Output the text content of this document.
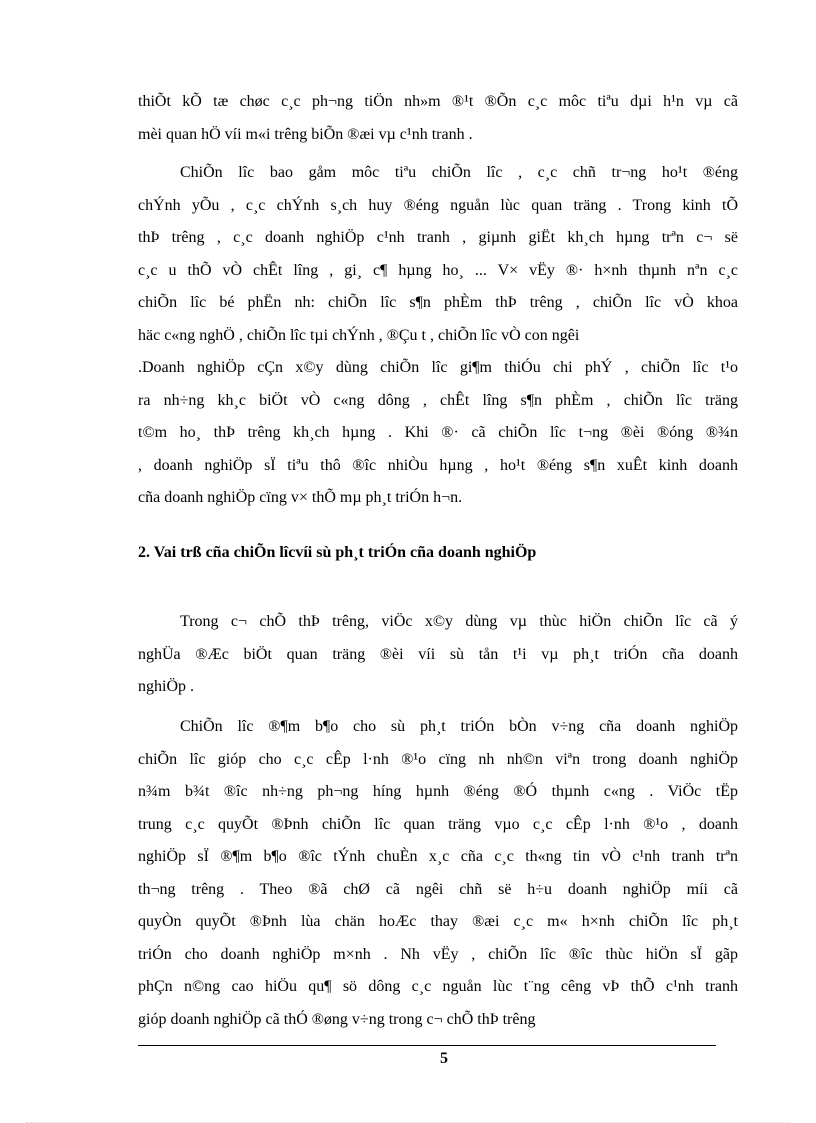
thiÕt kÕ tæ chøc c¸c ph¬ng tiÖn nh»m ®¹t ®Õn c¸c môc tiªu dµi h¹n vµ cã
mèi quan hÖ víi m«i trêng biÕn ®æi vµ c¹nh tranh .
ChiÕn lîc bao gåm môc tiªu chiÕn lîc , c¸c chñ tr¬ng ho¹t ®éng
chÝnh yÕu , c¸c chÝnh s¸ch huy ®éng nguån lùc quan träng . Trong kinh tÕ
thÞ trêng , c¸c doanh nghiÖp c¹nh tranh , giµnh giËt kh¸ch hµng trªn c¬ së
c¸c u thÕ vÒ chÊt lîng , gi¸ c¶ hµng ho¸ ... V× vËy ®· h×nh thµnh nªn c¸c
chiÕn lîc bé phËn nh: chiÕn lîc s¶n phÈm thÞ trêng , chiÕn lîc vÒ khoa
häc c«ng nghÖ , chiÕn lîc tµi chÝnh , ®Çu t , chiÕn lîc vÒ con ngêi
.Doanh nghiÖp cÇn x©y dùng chiÕn lîc gi¶m thiÓu chi phÝ , chiÕn lîc t¹o
ra nh÷ng kh¸c biÖt vÒ c«ng dông , chÊt lîng s¶n phÈm , chiÕn lîc träng
t©m ho¸ thÞ trêng kh¸ch hµng . Khi ®· cã chiÕn lîc t¬ng ®èi ®óng ®¾n
, doanh nghiÖp sÏ tiªu thô ®îc nhiÒu hµng , ho¹t ®éng s¶n xuÊt kinh doanh
cña doanh nghiÖp cïng v× thÕ mµ ph¸t triÓn h¬n.
2. Vai trß cña chiÕn lîcvíi sù ph¸t triÓn cña doanh nghiÖp
Trong c¬ chÕ thÞ trêng, viÖc x©y dùng vµ thùc hiÖn chiÕn lîc cã ý
nghÜa ®Æc biÖt quan träng ®èi víi sù tån t¹i vµ ph¸t triÓn cña doanh
nghiÖp .
ChiÕn lîc ®¶m b¶o cho sù ph¸t triÓn bÒn v÷ng cña doanh nghiÖp
chiÕn lîc gióp cho c¸c cÊp l·nh ®¹o cïng nh nh©n viªn trong doanh nghiÖp
n¾m b¾t ®îc nh÷ng ph¬ng híng hµnh ®éng ®Ó thµnh c«ng . ViÖc tËp
trung c¸c quyÕt ®Þnh chiÕn lîc quan träng vµo c¸c cÊp l·nh ®¹o , doanh
nghiÖp sÏ ®¶m b¶o ®îc tÝnh chuÈn x¸c cña c¸c th«ng tin vÒ c¹nh tranh trªn
th¬ng trêng . Theo ®ã chØ cã ngêi chñ së h÷u doanh nghiÖp míi cã
quyÒn quyÕt ®Þnh lùa chän hoÆc thay ®æi c¸c m« h×nh chiÕn lîc ph¸t
triÓn cho doanh nghiÖp m×nh . Nh vËy , chiÕn lîc ®îc thùc hiÖn sÏ gãp
phÇn n©ng cao hiÖu qu¶ sö dông c¸c nguån lùc t¨ng cêng vÞ thÕ c¹nh tranh
gióp doanh nghiÖp cã thÓ ®øng v÷ng trong c¬ chÕ thÞ trêng
5
